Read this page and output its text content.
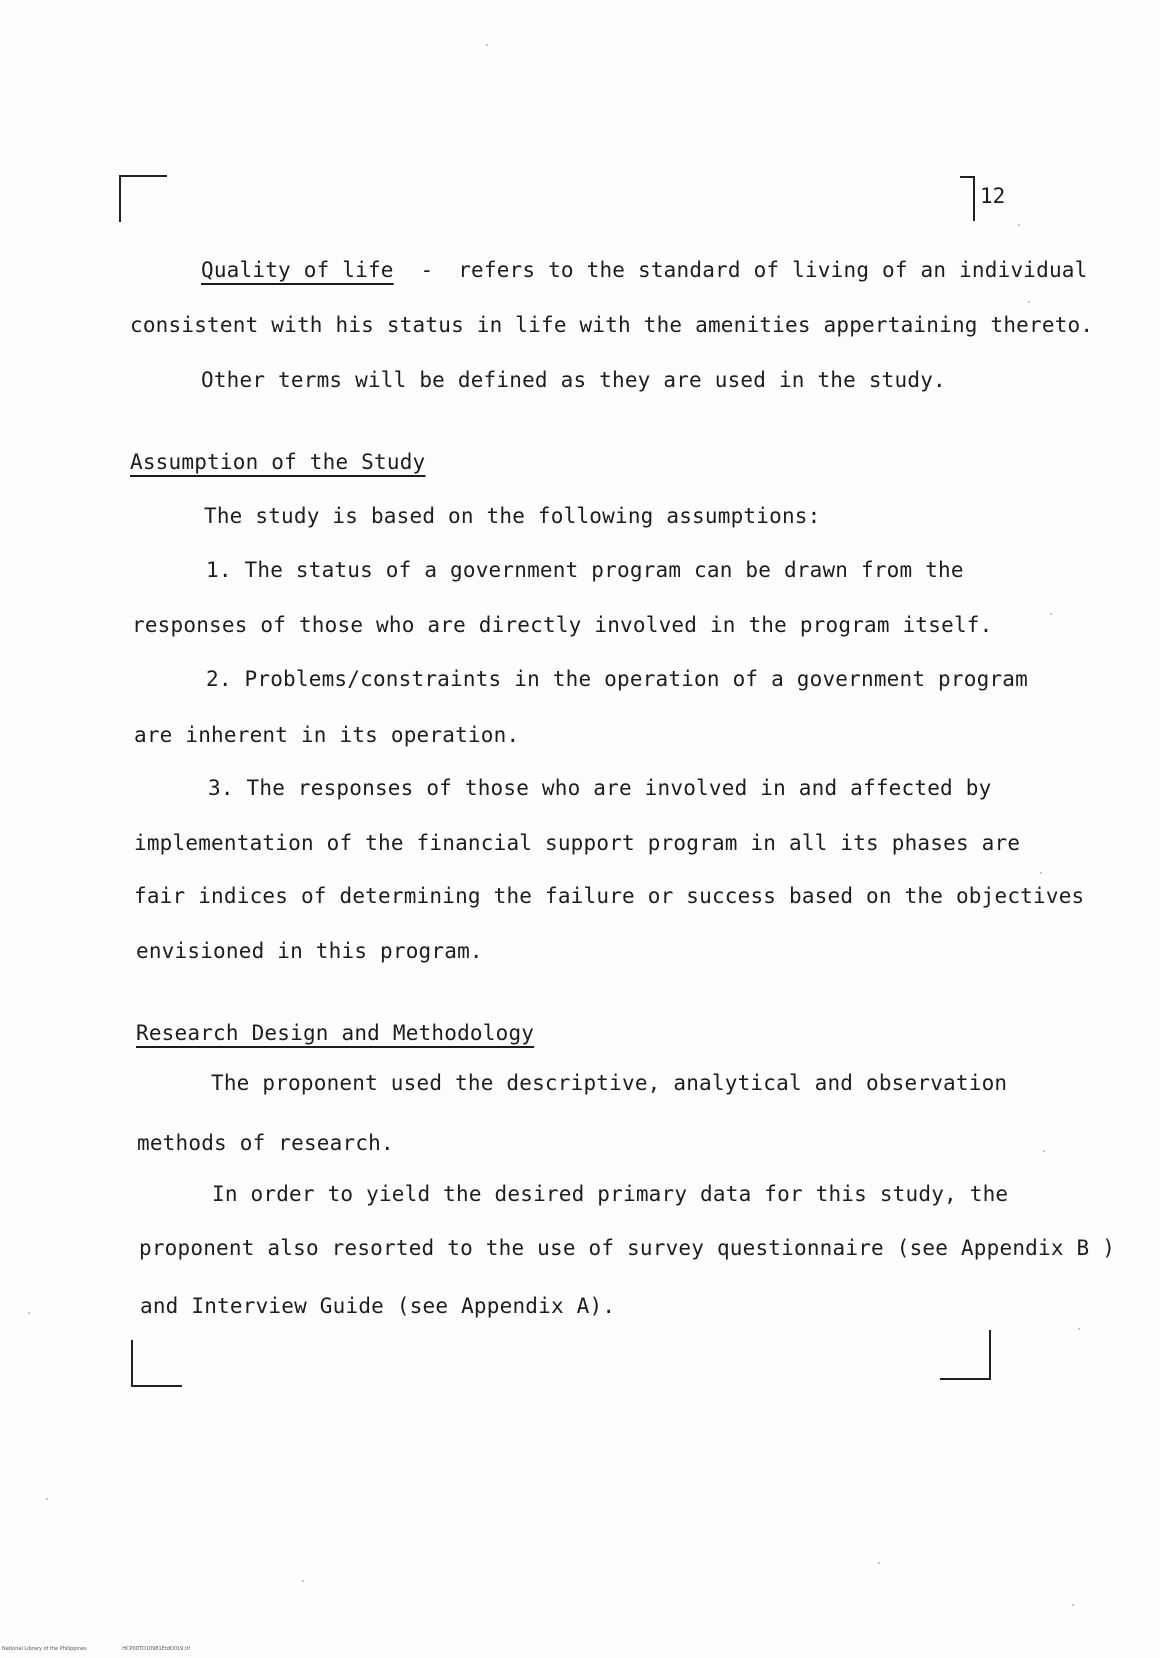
12
Quality of life - refers to the standard of living of an individual
consistent with his status in life with the amenities appertaining thereto.
Other terms will be defined as they are used in the study.
Assumption of the Study
The study is based on the following assumptions:
1. The status of a government program can be drawn from the
responses of those who are directly involved in the program itself.
2. Problems/constraints in the operation of a government program
are inherent in its operation.
3. The responses of those who are involved in and affected by
implementation of the financial support program in all its phases are
fair indices of determining the failure or success based on the objectives
envisioned in this program.
Research Design and Methodology
The proponent used the descriptive, analytical and observation
methods of research.
In order to yield the desired primary data for this study, the
proponent also resorted to the use of survey questionnaire (see Appendix B )
and Interview Guide (see Appendix A).
National Library of the Philippines	HCP00TD10981EtdD019.tif
